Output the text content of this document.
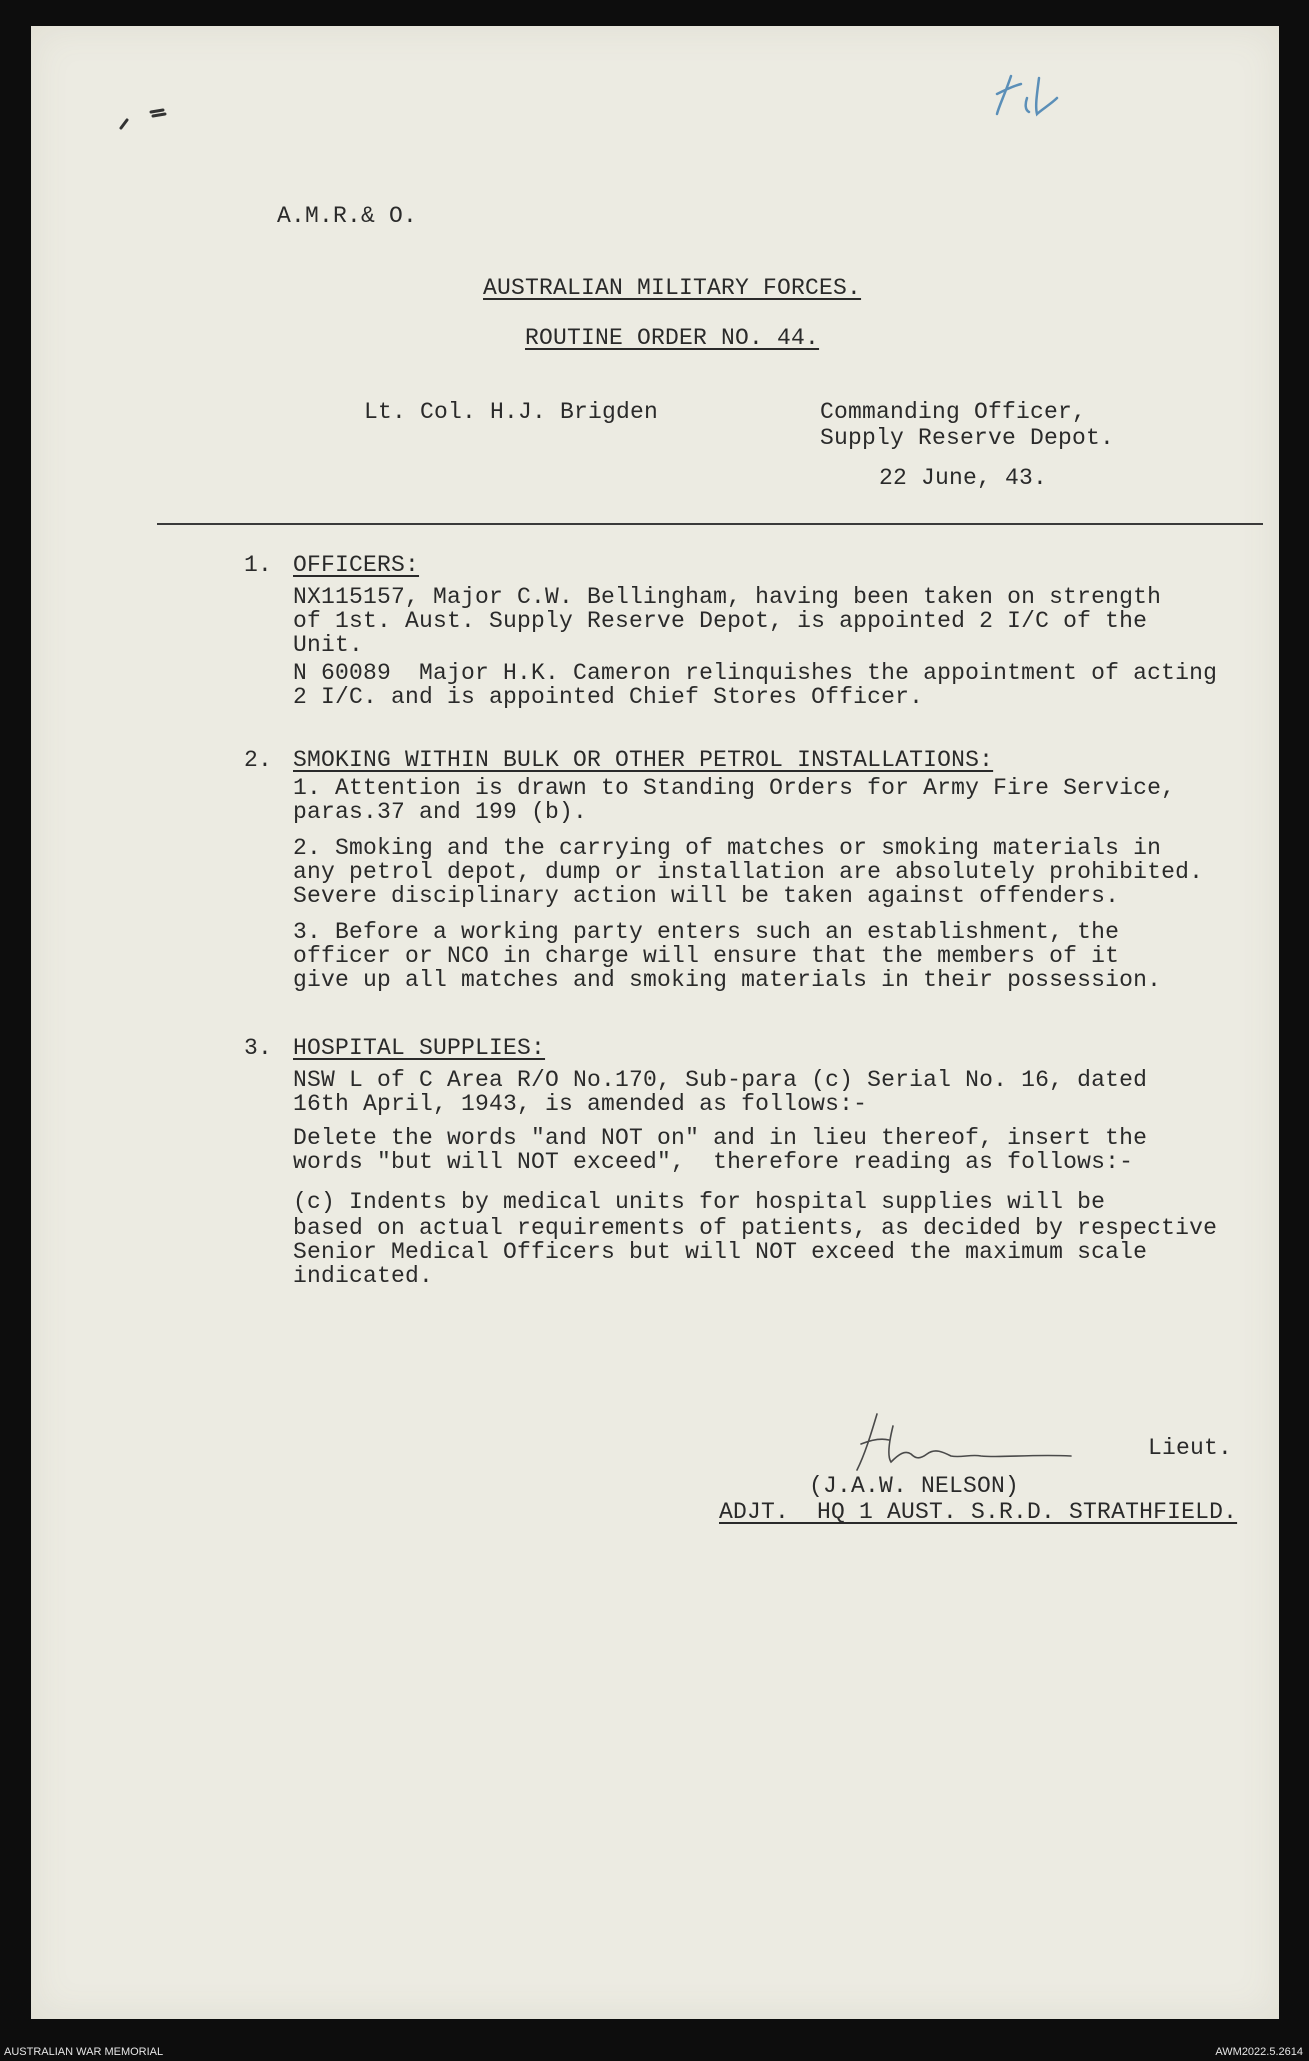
A.M.R.& O.
AUSTRALIAN MILITARY FORCES.
ROUTINE ORDER NO. 44.
Lt. Col. H.J. Brigden	Commanding Officer,
Supply Reserve Depot.
22 June, 43.
1. OFFICERS:
NX115157, Major C.W. Bellingham, having been taken on strength
of 1st. Aust. Supply Reserve Depot, is appointed 2 I/C of the
Unit.
N 60089  Major H.K. Cameron relinquishes the appointment of acting
2 I/C. and is appointed Chief Stores Officer.
2. SMOKING WITHIN BULK OR OTHER PETROL INSTALLATIONS:
1. Attention is drawn to Standing Orders for Army Fire Service,
paras.37 and 199 (b).
2. Smoking and the carrying of matches or smoking materials in
any petrol depot, dump or installation are absolutely prohibited.
Severe disciplinary action will be taken against offenders.
3. Before a working party enters such an establishment, the
officer or NCO in charge will ensure that the members of it
give up all matches and smoking materials in their possession.
3. HOSPITAL SUPPLIES:
NSW L of C Area R/O No.170, Sub-para (c) Serial No. 16, dated
16th April, 1943, is amended as follows:-
Delete the words "and NOT on" and in lieu thereof, insert the
words "but will NOT exceed",  therefore reading as follows:-
(c) Indents by medical units for hospital supplies will be
based on actual requirements of patients, as decided by respective
Senior Medical Officers but will NOT exceed the maximum scale
indicated.
Lieut.
(J.A.W. NELSON)
ADJT.  HQ 1 AUST. S.R.D. STRATHFIELD.
AUSTRALIAN WAR MEMORIAL	AWM2022.5.2614
